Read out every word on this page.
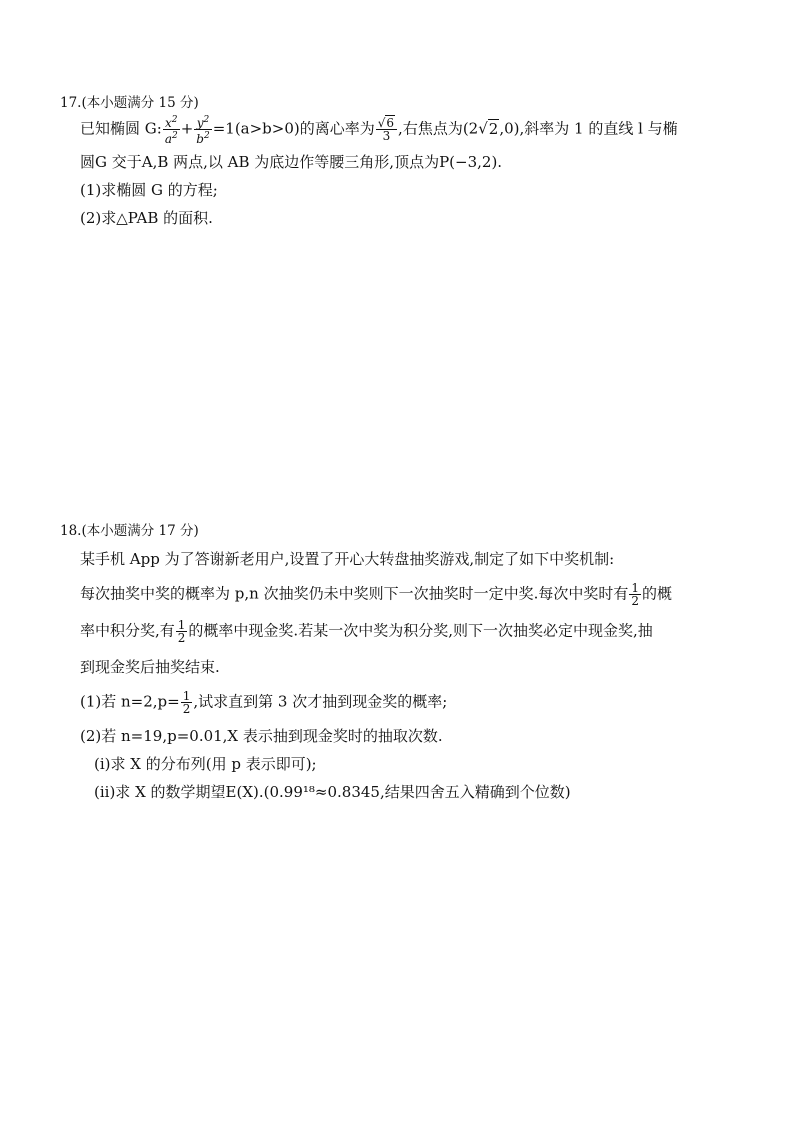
17.(本小题满分 15 分)
已知椭圆 G: $\frac{x^2}{a^2} + \frac{y^2}{b^2} =1(a>b>0)$的离心率为 $\frac{√6}{3}$ ,右焦点为(2√2,0),斜率为 1 的直线 l 与椭
圆G 交于A,B 两点,以 AB 为底边作等腰三角形,顶点为P(−3,2).
(1)求椭圆 G 的方程;
(2)求△PAB 的面积.
18.(本小题满分 17 分)
某手机 App 为了答谢新老用户,设置了开心大转盘抽奖游戏,制定了如下中奖机制:
每次抽奖中奖的概率为 p,n 次抽奖仍未中奖则下一次抽奖时一定中奖.每次中奖时有 $\frac{1}{2}$ 的概
率中积分奖,有 $\frac{1}{2}$ 的概率中现金奖.若某一次中奖为积分奖,则下一次抽奖必定中现金奖,抽
到现金奖后抽奖结束.
(1)若 $n=2,p= \frac{1}{2}$ ,试求直到第 3 次才抽到现金奖的概率;
(2)若 n=19,p=0.01,X 表示抽到现金奖时的抽取次数.
(i)求 X 的分布列(用 p 表示即可);
(ii)求 X 的数学期望E(X).(0.99¹⁸≈0.8345,结果四舍五入精确到个位数)
